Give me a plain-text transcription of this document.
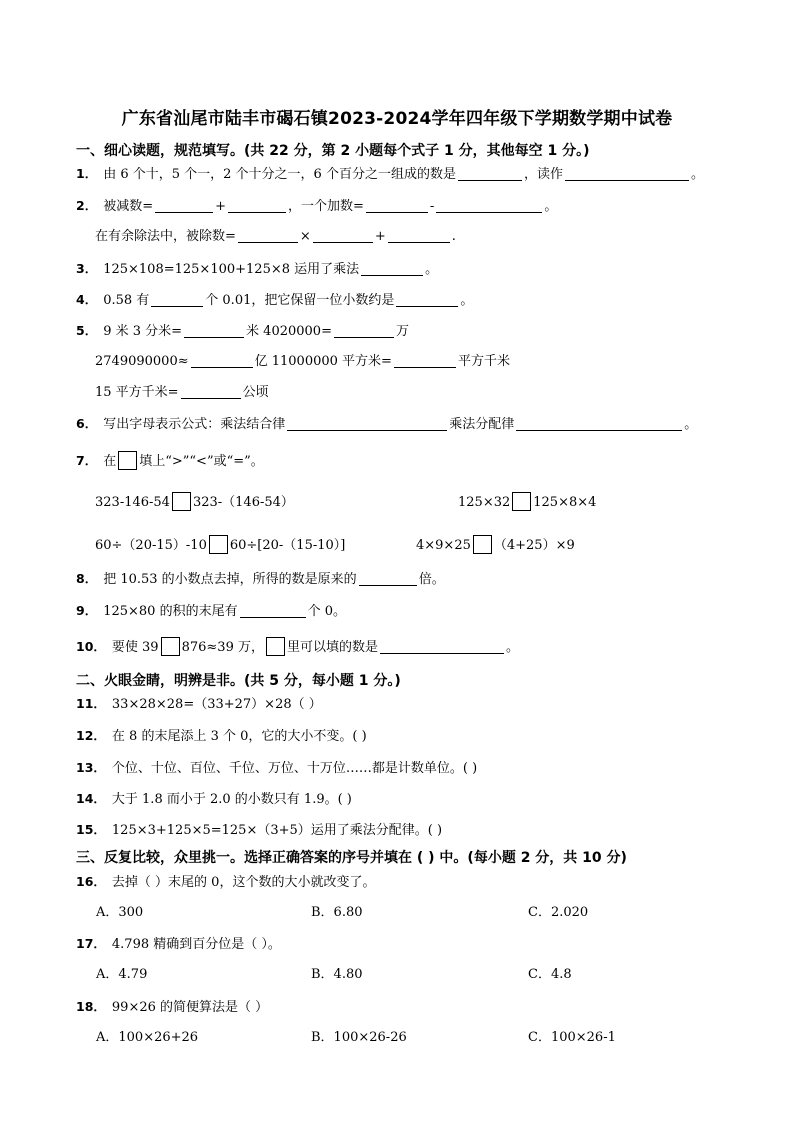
广东省汕尾市陆丰市碣石镇2023-2024学年四年级下学期数学期中试卷
一、细心读题，规范填写。(共 22 分，第 2 小题每个式子 1 分，其他每空 1 分。)
1． 由 6 个十，5 个一，2 个十分之一，6 个百分之一组成的数是	，读作	。
2． 被减数=	+	，一个加数=	-	。
在有余除法中，被除数=	×	+	.
3． 125×108=125×100+125×8 运用了乘法	。
4． 0.58 有	个 0.01，把它保留一位小数约是	。
5． 9 米 3 分米=	米 4020000=	万
2749090000≈	亿 11000000 平方米=	平方千米
15 平方千米=	公顷
6． 写出字母表示公式：乘法结合律	乘法分配律	。
7． 在 填上“>”“<”或“=”。
323-146-54 323-（146-54）	125×32 125×8×4
60÷（20-15）-10 60÷[20-（15-10）]	4×9×25 （4+25）×9
8． 把 10.53 的小数点去掉，所得的数是原来的	倍。
9． 125×80 的积的末尾有	个 0。
10． 要使 39 876≈39 万， 里可以填的数是	。
二、火眼金睛，明辨是非。(共 5 分，每小题 1 分。)
11． 33×28×28=（33+27）×28（ ）
12． 在 8 的末尾添上 3 个 0，它的大小不变。( )
13． 个位、十位、百位、千位、万位、十万位……都是计数单位。( )
14． 大于 1.8 而小于 2.0 的小数只有 1.9。( )
15． 125×3+125×5=125×（3+5）运用了乘法分配律。( )
三、反复比较，众里挑一。选择正确答案的序号并填在 ( ) 中。(每小题 2 分，共 10 分)
16． 去掉（ ）末尾的 0，这个数的大小就改变了。
A．300	B．6.80	C．2.020
17． 4.798 精确到百分位是（ ）。
A．4.79	B．4.80	C．4.8
18． 99×26 的简便算法是（ ）
A．100×26+26	B．100×26-26	C．100×26-1
